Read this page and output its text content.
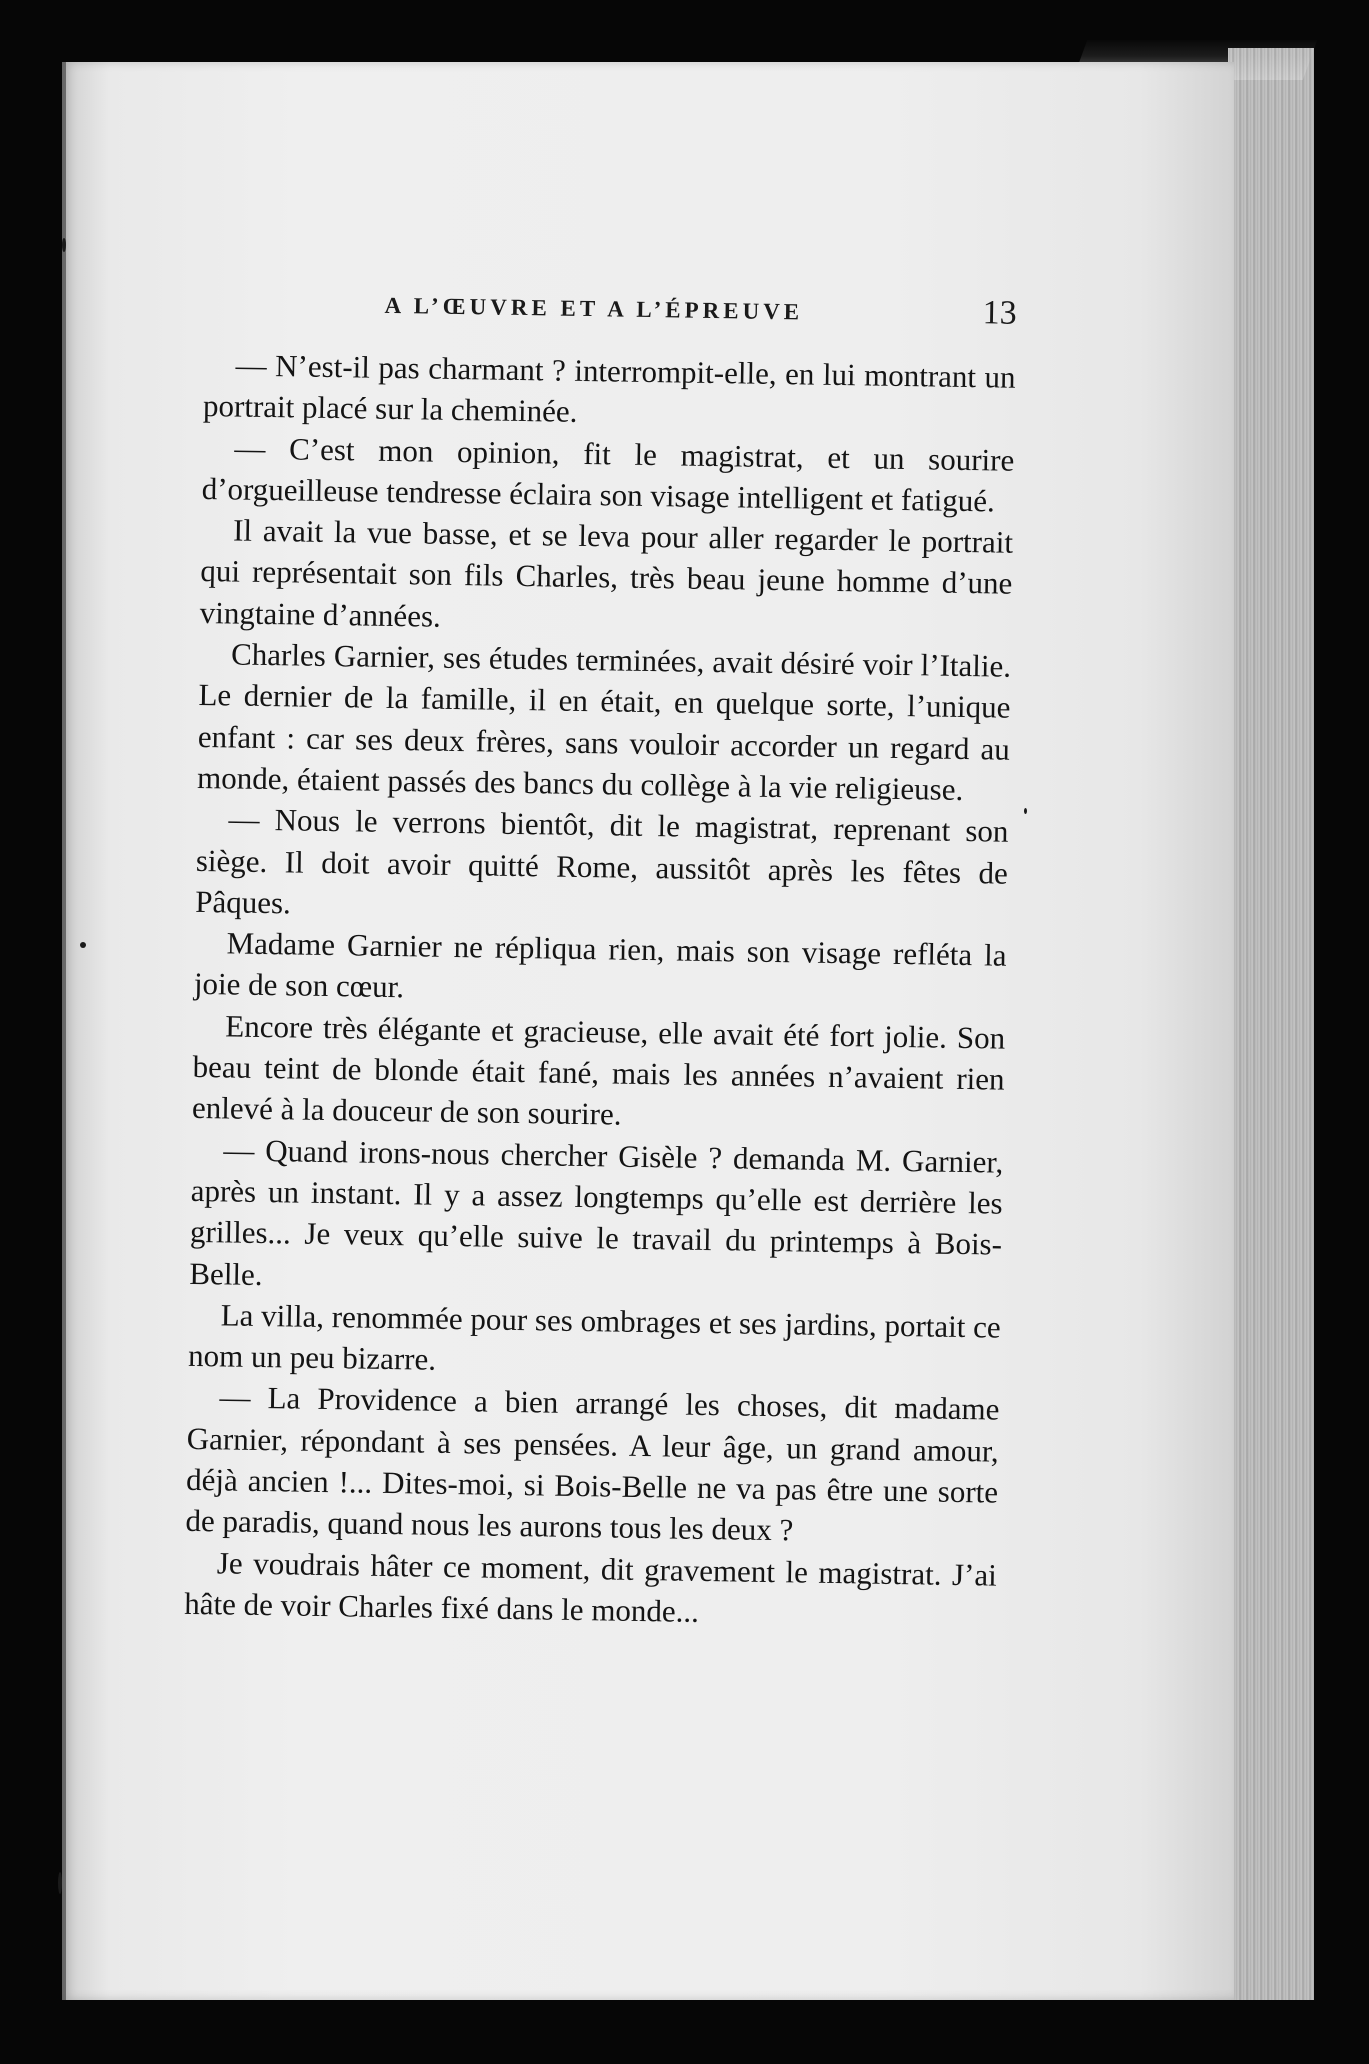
A L’ŒUVRE ET A L’ÉPREUVE	13

— N’est-il pas charmant ? interrompit-elle, en lui montrant un portrait placé sur la cheminée.

— C’est mon opinion, fit le magistrat, et un sourire d’orgueilleuse tendresse éclaira son visage intelligent et fatigué.

Il avait la vue basse, et se leva pour aller regarder le portrait qui représentait son fils Charles, très beau jeune homme d’une vingtaine d’années.

Charles Garnier, ses études terminées, avait désiré voir l’Italie. Le dernier de la famille, il en était, en quelque sorte, l’unique enfant : car ses deux frères, sans vouloir accorder un regard au monde, étaient passés des bancs du collège à la vie religieuse.

— Nous le verrons bientôt, dit le magistrat, reprenant son siège. Il doit avoir quitté Rome, aussitôt après les fêtes de Pâques.

Madame Garnier ne répliqua rien, mais son visage refléta la joie de son cœur.

Encore très élégante et gracieuse, elle avait été fort jolie. Son beau teint de blonde était fané, mais les années n’avaient rien enlevé à la douceur de son sourire.

— Quand irons-nous chercher Gisèle ? demanda M. Garnier, après un instant. Il y a assez longtemps qu’elle est derrière les grilles... Je veux qu’elle suive le travail du printemps à Bois-Belle.

La villa, renommée pour ses ombrages et ses jardins, portait ce nom un peu bizarre.

— La Providence a bien arrangé les choses, dit madame Garnier, répondant à ses pensées. A leur âge, un grand amour, déjà ancien !... Dites-moi, si Bois-Belle ne va pas être une sorte de paradis, quand nous les aurons tous les deux ?

Je voudrais hâter ce moment, dit gravement le magistrat. J’ai hâte de voir Charles fixé dans le monde...
